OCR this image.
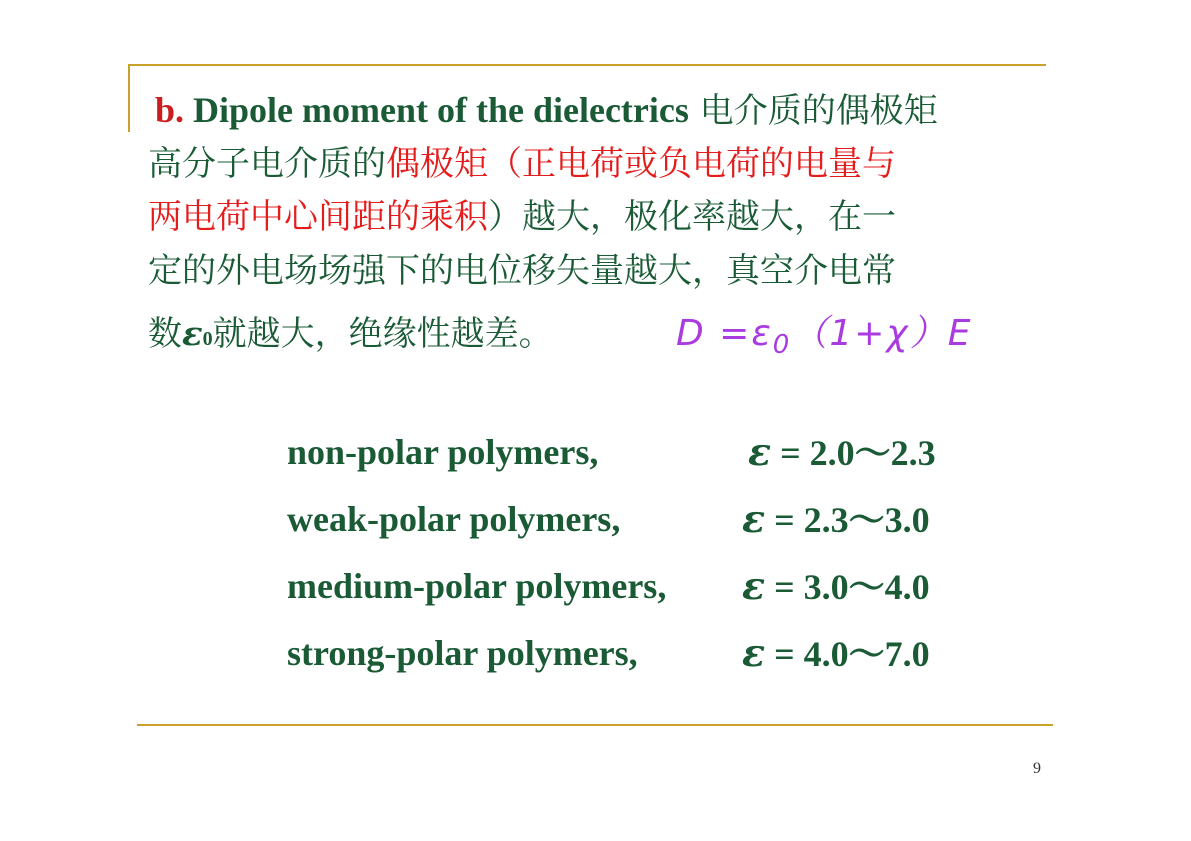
b. Dipole moment of the dielectrics 电介质的偶极矩
高分子电介质的偶极矩（正电荷或负电荷的电量与
两电荷中心间距的乘积）越大，极化率越大，在一
定的外电场场强下的电位移矢量越大，真空介电常
数ε0就越大，绝缘性越差。	$D =\varepsilon_0(1+\chi)E$
non-polar polymers,	ε = 2.0～2.3
weak-polar polymers,	ε = 2.3～3.0
medium-polar polymers, ε = 3.0～4.0
strong-polar polymers,	ε = 4.0～7.0
9
